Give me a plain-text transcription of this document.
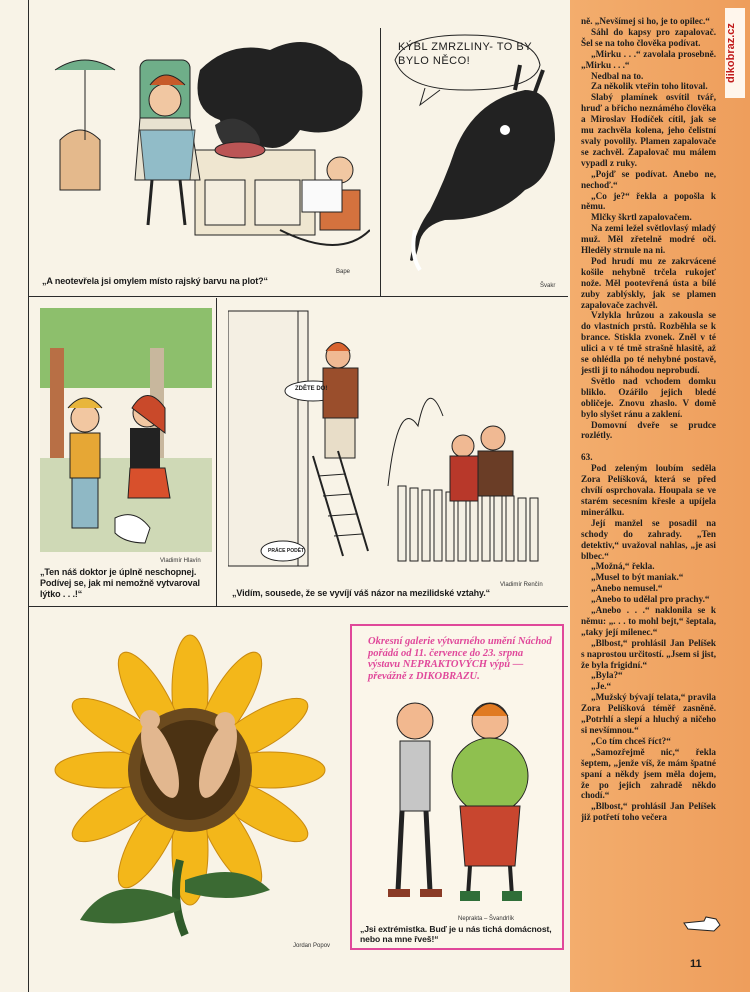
dikobraz.cz
„A neotevřela jsi omylem místo rajský barvu na plot?“
Bape
KÝBL ZMRZLINY- TO BY BYLO NĚCO!
Švakr
Vladimír Hlavín
„Ten náš doktor je úplně neschopnej. Podívej se, jak mi nemožně vytvaroval lýtko . . .!“
ZDĚTE DO!
PRÁCE PODĚT
Vladimír Renčín
„Vidím, sousede, že se vyvíjí váš názor na mezilidské vztahy.“
Jordan Popov
Okresní galerie výtvarného umění Náchod pořádá od 11. července do 23. srpna výstavu NEPRAKTOVÝCH výpů — převážně z DIKOBRAZU.
Neprakta – Švandrlík
„Jsi extrémistka. Buď je u nás tichá domácnost, nebo na mne řveš!“

ně. „Nevšímej si ho, je to opilec.“

Sáhl do kapsy pro zapalovač. Šel se na toho člověka podívat.

„Mirku . . .“ zavolala prosebně. „Mirku . . .“

Nedbal na to.

Za několik vteřin toho litoval.

Slabý plamínek osvítil tvář, hruď a břicho neznámého člověka a Miroslav Hodíček cítil, jak se mu zachvěla kolena, jeho čelistní svaly povolily. Plamen zapalovače se zachvěl. Zapalovač mu málem vypadl z ruky.

„Pojď se podívat. Anebo ne, nechoď.“

„Co je?“ řekla a popošla k němu.

Mlčky škrtl zapalovačem.

Na zemi ležel světlovlasý mladý muž. Měl zřetelně modré oči. Hleděly strnule na ni.

Pod hrudí mu ze zakrvácené košile nehybně trčela rukojeť nože. Měl pootevřená ústa a bílé zuby zablýskly, jak se plamen zapalovače zachvěl.

Vzlykla hrůzou a zakousla se do vlastních prstů. Rozběhla se k brance. Stiskla zvonek. Zněl v té ulici a v té tmě strašně hlasitě, až se ohlédla po té nehybné postavě, jestli ji to náhodou neprobudí.

Světlo nad vchodem domku bliklo. Ozářilo jejich bledé obličeje. Znovu zhaslo. V domě bylo slyšet ránu a zaklení.

Domovní dveře se prudce rozlétly.

63.

Pod zeleným loubím seděla Zora Pelíšková, která se před chvílí osprchovala. Houpala se ve starém secesním křesle a upíjela minerálku.

Její manžel se posadil na schody do zahrady. „Ten detektiv,“ uvažoval nahlas, „je asi blbec.“

„Možná,“ řekla.

„Musel to být maniak.“

„Anebo nemusel.“

„Anebo to udělal pro prachy.“

„Anebo . . .“ naklonila se k němu: „. . . to mohl bejt,“ šeptala, „taky její milenec.“

„Blbost,“ prohlásil Jan Pelíšek s naprostou určitostí. „Jsem si jist, že byla frigidní.“

„Byla?“

„Je.“

„Mužský bývají telata,“ pravila Zora Pelíšková téměř zasněně. „Potrhlí a slepí a hluchý a ničeho si nevšímnou.“

„Co tím chceš říct?“

„Samozřejmě nic,“ řekla šeptem, „jenže víš, že mám špatné spaní a někdy jsem měla dojem, že po jejich zahradě někdo chodí.“

„Blbost,“ prohlásil Jan Pelíšek již potřetí toho večera

11
